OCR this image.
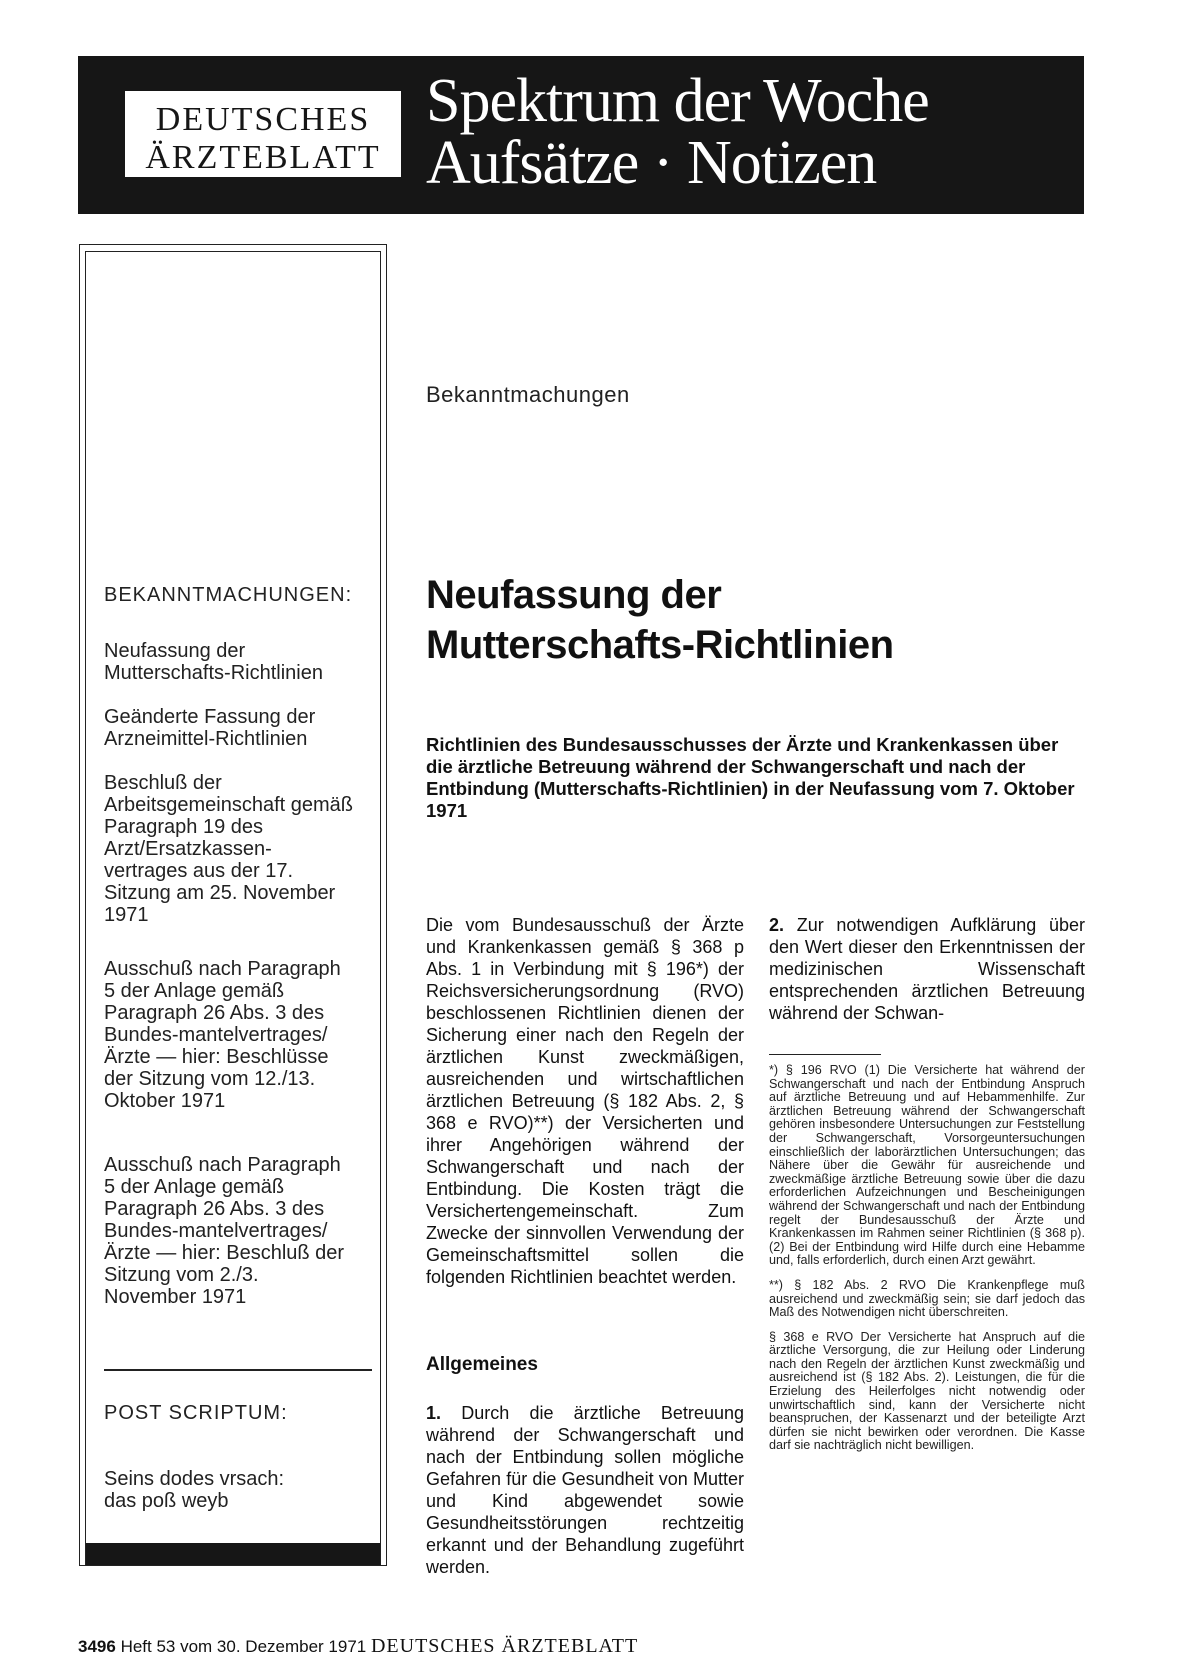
DEUTSCHES
ÄRZTEBLATT
Spektrum der Woche
Aufsätze · Notizen
BEKANNTMACHUNGEN:
Neufassung der Mutterschafts-Richtlinien
Geänderte Fassung der Arzneimittel-Richtlinien
Beschluß der Arbeitsgemeinschaft gemäß Paragraph 19 des Arzt/Ersatzkassen-vertrages aus der 17. Sitzung am 25. November 1971
Ausschuß nach Paragraph 5 der Anlage gemäß Paragraph 26 Abs. 3 des Bundes-mantelvertrages/Ärzte — hier: Beschlüsse der Sitzung vom 12./13. Oktober 1971
Ausschuß nach Paragraph 5 der Anlage gemäß Paragraph 26 Abs. 3 des Bundes-mantelvertrages/Ärzte — hier: Beschluß der Sitzung vom 2./3. November 1971
POST SCRIPTUM:
Seins dodes vrsach: das poß weyb
Bekanntmachungen
Neufassung der
Mutterschafts-Richtlinien
Richtlinien des Bundesausschusses der Ärzte und Krankenkassen über die ärztliche Betreuung während der Schwangerschaft und nach der Entbindung (Mutterschafts-Richtlinien) in der Neufassung vom 7. Oktober 1971

Die vom Bundesausschuß der Ärzte und Krankenkassen gemäß § 368 p Abs. 1 in Verbindung mit § 196*) der Reichsversicherungsordnung (RVO) beschlossenen Richtlinien dienen der Sicherung einer nach den Regeln der ärztlichen Kunst zweckmäßigen, ausreichenden und wirtschaftlichen ärztlichen Betreuung (§ 182 Abs. 2, § 368 e RVO)**) der Versicherten und ihrer Angehörigen während der Schwangerschaft und nach der Entbindung. Die Kosten trägt die Versichertengemeinschaft. Zum Zwecke der sinnvollen Verwendung der Gemeinschaftsmittel sollen die folgenden Richtlinien beachtet werden.

Allgemeines
1. Durch die ärztliche Betreuung während der Schwangerschaft und nach der Entbindung sollen mögliche Gefahren für die Gesundheit von Mutter und Kind abgewendet sowie Gesundheitsstörungen rechtzeitig erkannt und der Behandlung zugeführt werden.
2. Zur notwendigen Aufklärung über den Wert dieser den Erkenntnissen der medizinischen Wissenschaft entsprechenden ärztlichen Betreuung während der Schwan-

*) § 196 RVO (1) Die Versicherte hat während der Schwangerschaft und nach der Entbindung Anspruch auf ärztliche Betreuung und auf Hebammenhilfe. Zur ärztlichen Betreuung während der Schwangerschaft gehören insbesondere Untersuchungen zur Feststellung der Schwangerschaft, Vorsorgeuntersuchungen einschließlich der laborärztlichen Untersuchungen; das Nähere über die Gewähr für ausreichende und zweckmäßige ärztliche Betreuung sowie über die dazu erforderlichen Aufzeichnungen und Bescheinigungen während der Schwangerschaft und nach der Entbindung regelt der Bundesausschuß der Ärzte und Krankenkassen im Rahmen seiner Richtlinien (§ 368 p). (2) Bei der Entbindung wird Hilfe durch eine Hebamme und, falls erforderlich, durch einen Arzt gewährt.

**) § 182 Abs. 2 RVO Die Krankenpflege muß ausreichend und zweckmäßig sein; sie darf jedoch das Maß des Notwendigen nicht überschreiten.

§ 368 e RVO Der Versicherte hat Anspruch auf die ärztliche Versorgung, die zur Heilung oder Linderung nach den Regeln der ärztlichen Kunst zweckmäßig und ausreichend ist (§ 182 Abs. 2). Leistungen, die für die Erzielung des Heilerfolges nicht notwendig oder unwirtschaftlich sind, kann der Versicherte nicht beanspruchen, der Kassenarzt und der beteiligte Arzt dürfen sie nicht bewirken oder verordnen. Die Kasse darf sie nachträglich nicht bewilligen.

3496 Heft 53 vom 30. Dezember 1971 DEUTSCHES ÄRZTEBLATT
